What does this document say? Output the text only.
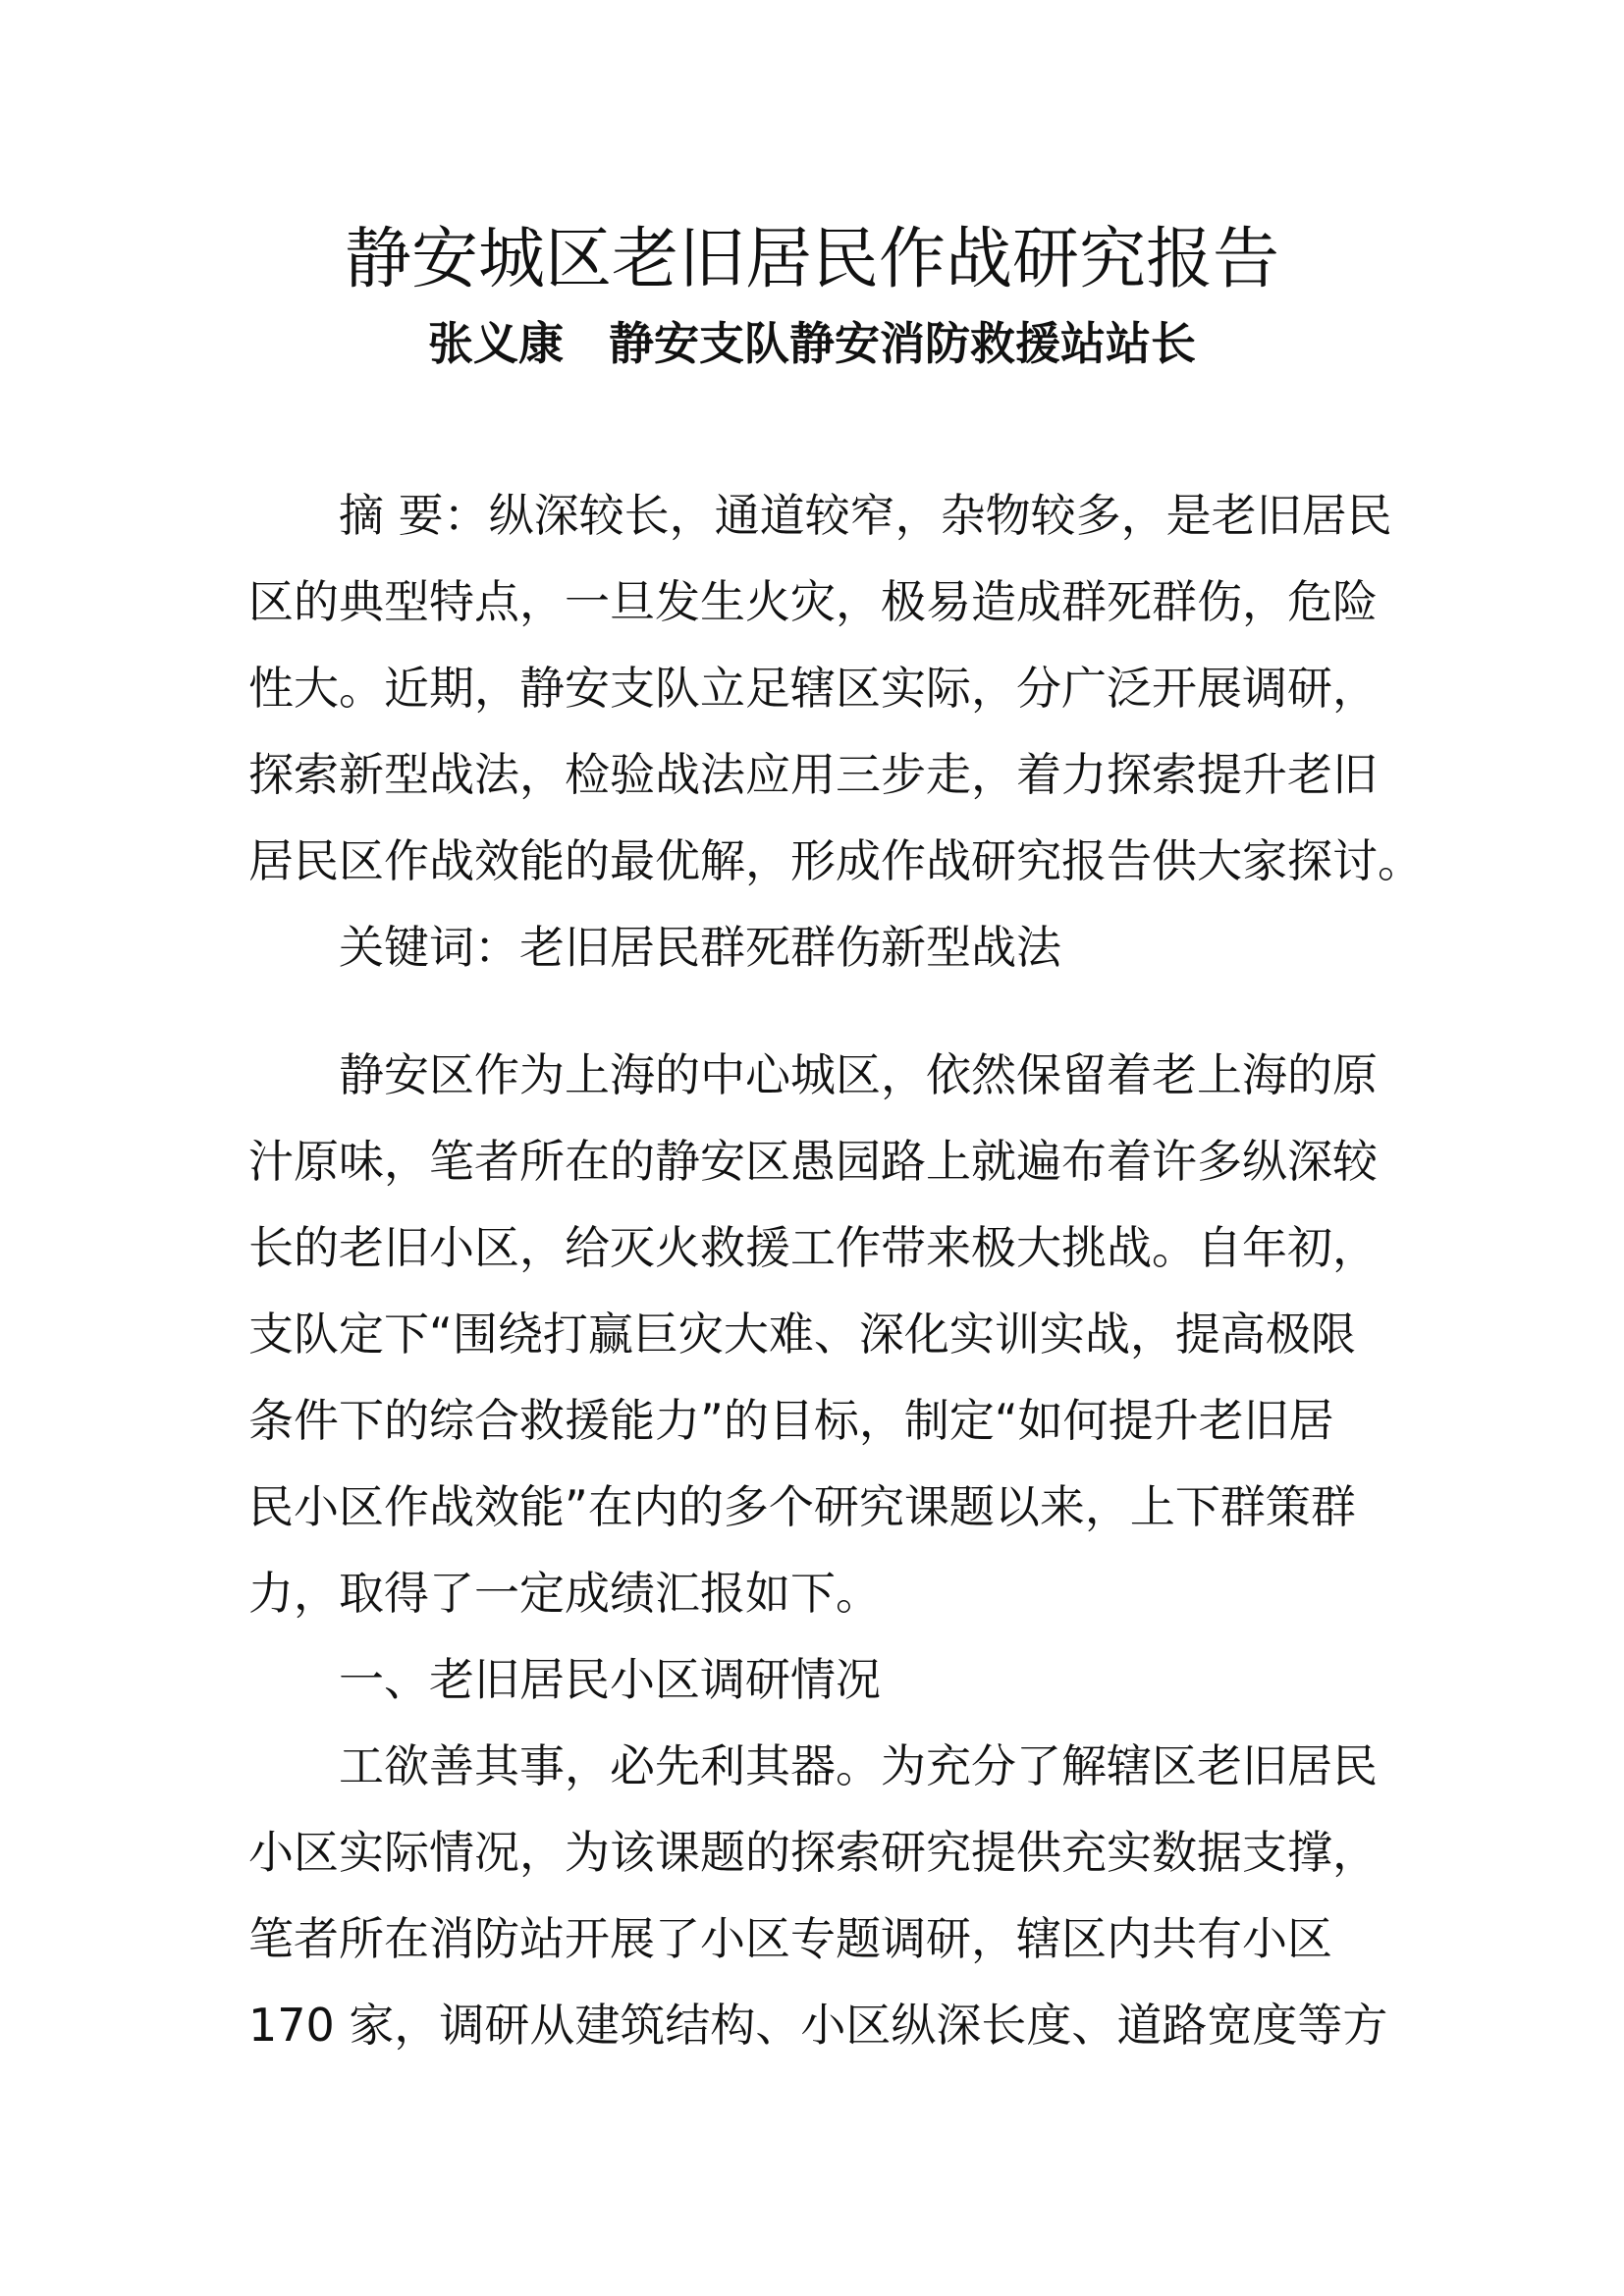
静安城区老旧居民作战研究报告
张义康　静安支队静安消防救援站站长
摘 要：纵深较长，通道较窄，杂物较多，是老旧居民
区的典型特点，一旦发生火灾，极易造成群死群伤，危险
性大。近期，静安支队立足辖区实际，分广泛开展调研，
探索新型战法，检验战法应用三步走，着力探索提升老旧
居民区作战效能的最优解，形成作战研究报告供大家探讨。
关键词：老旧居民群死群伤新型战法
静安区作为上海的中心城区，依然保留着老上海的原
汁原味，笔者所在的静安区愚园路上就遍布着许多纵深较
长的老旧小区，给灭火救援工作带来极大挑战。自年初，
支队定下“围绕打赢巨灾大难、深化实训实战，提高极限
条件下的综合救援能力”的目标，制定“如何提升老旧居
民小区作战效能”在内的多个研究课题以来，上下群策群
力，取得了一定成绩汇报如下。
一、老旧居民小区调研情况
工欲善其事，必先利其器。为充分了解辖区老旧居民
小区实际情况，为该课题的探索研究提供充实数据支撑，
笔者所在消防站开展了小区专题调研，辖区内共有小区
170 家，调研从建筑结构、小区纵深长度、道路宽度等方
